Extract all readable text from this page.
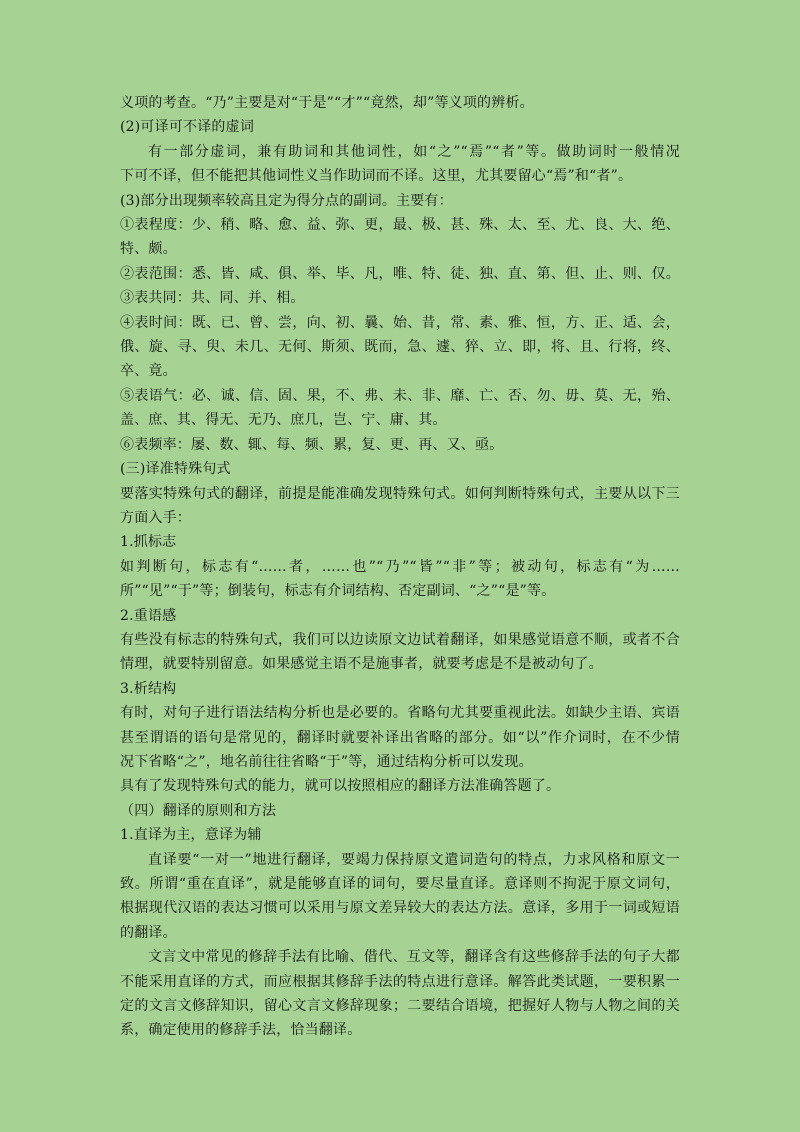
义项的考查。“乃”主要是对“于是”“才”“竟然，却”等义项的辨析。
(2)可译可不译的虚词
有一部分虚词，兼有助词和其他词性，如“之”“焉”“者”等。做助词时一般情况
下可不译，但不能把其他词性义当作助词而不译。这里，尤其要留心“焉”和“者”。
(3)部分出现频率较高且定为得分点的副词。主要有：
①表程度：少、稍、略、愈、益、弥、更，最、极、甚、殊、太、至、尤、良、大、绝、
特、颇。
②表范围：悉、皆、咸、俱、举、毕、凡，唯、特、徒、独、直、第、但、止、则、仅。
③表共同：共、同、并、相。
④表时间：既、已、曾、尝，向、初、曩、始、昔，常、素、雅、恒，方、正、适、会，
俄、旋、寻、臾、未几、无何、斯须、既而，急、遽、猝、立、即，将、且、行将，终、
卒、竟。
⑤表语气：必、诚、信、固、果，不、弗、未、非、靡、亡、否、勿、毋、莫、无，殆、
盖、庶、其、得无、无乃、庶几，岂、宁、庸、其。
⑥表频率：屡、数、辄、每、频、累，复、更、再、又、亟。
(三)译准特殊句式
要落实特殊句式的翻译，前提是能准确发现特殊句式。如何判断特殊句式，主要从以下三
方面入手：
1.抓标志
如判断句，标志有“……者，……也”“乃”“皆”“非”等；被动句，标志有“为……
所”“见”“于”等；倒装句，标志有介词结构、否定副词、“之”“是”等。
2.重语感
有些没有标志的特殊句式，我们可以边读原文边试着翻译，如果感觉语意不顺，或者不合
情理，就要特别留意。如果感觉主语不是施事者，就要考虑是不是被动句了。
3.析结构
有时，对句子进行语法结构分析也是必要的。省略句尤其要重视此法。如缺少主语、宾语
甚至谓语的语句是常见的，翻译时就要补译出省略的部分。如“以”作介词时，在不少情
况下省略“之”，地名前往往省略“于”等，通过结构分析可以发现。
具有了发现特殊句式的能力，就可以按照相应的翻译方法准确答题了。
（四）翻译的原则和方法
1.直译为主，意译为辅
直译要“一对一”地进行翻译，要竭力保持原文遣词造句的特点，力求风格和原文一
致。所谓“重在直译”，就是能够直译的词句，要尽量直译。意译则不拘泥于原文词句，
根据现代汉语的表达习惯可以采用与原文差异较大的表达方法。意译，多用于一词或短语
的翻译。
文言文中常见的修辞手法有比喻、借代、互文等，翻译含有这些修辞手法的句子大都
不能采用直译的方式，而应根据其修辞手法的特点进行意译。解答此类试题，一要积累一
定的文言文修辞知识，留心文言文修辞现象；二要结合语境，把握好人物与人物之间的关
系，确定使用的修辞手法，恰当翻译。
